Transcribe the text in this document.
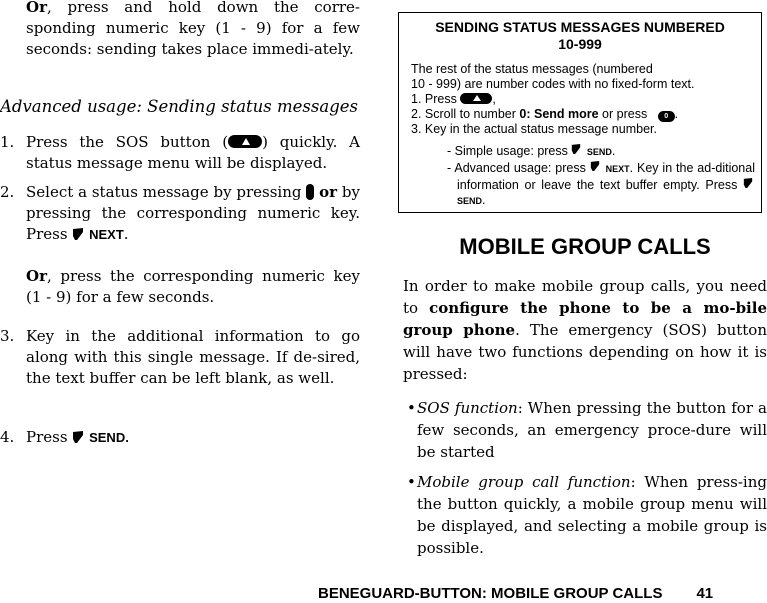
Or, press and hold down the corre-sponding numeric key (1 - 9) for a few seconds: sending takes place immedi-ately.

Advanced usage: Sending status messages

1. Press the SOS button ( ) quickly. A status message menu will be displayed.

2. Select a status message by pressing  or by pressing the corresponding numeric key. Press
NEXT.

Or, press the corresponding numeric key (1 - 9) for a few seconds.

3. Key in the additional information to go along with this single message. If de-sired, the text buffer can be left blank, as well.

4. Press
SEND.

SENDING STATUS MESSAGES NUMBERED
10-999
The rest of the status messages (numbered
10 - 999) are number codes with no fixed-form text.
1. Press	,
2. Scroll to number 0: Send more or press   0 .
3. Key in the actual status message number.
- Simple usage: press
SEND.
- Advanced usage: press
NEXT. Key in the ad-ditional information or leave the text buffer empty. Press
SEND.
MOBILE GROUP CALLS

In order to make mobile group calls, you need to configure the phone to be a mo-bile group phone. The emergency (SOS) button will have two functions depending on how it is pressed:

• SOS function: When pressing the button for a few seconds, an emergency proce-dure will be started

• Mobile group call function: When press-ing the button quickly, a mobile group menu will be displayed, and selecting a mobile group is possible.

BENEGUARD-BUTTON: MOBILE GROUP CALLS 41
